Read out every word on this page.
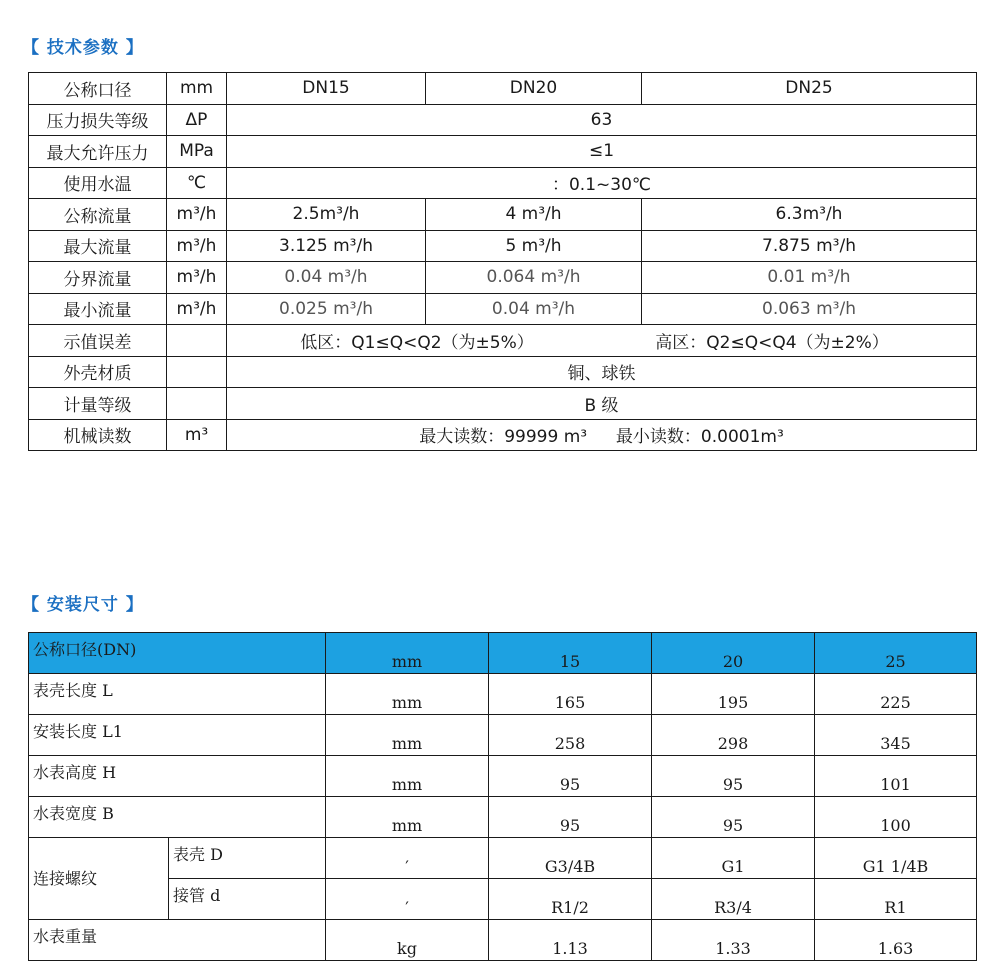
【 技术参数 】
公称口径	mm	DN15	DN20	DN25
压力损失等级	ΔP	63		
最大允许压力	MPa	≤1		
使用水温	℃	：0.1~30℃		
公称流量	m³/h	2.5m³/h	4 m³/h	6.3m³/h
最大流量	m³/h	3.125 m³/h	5 m³/h	7.875 m³/h
分界流量	m³/h	0.04 m³/h	0.064 m³/h	0.01 m³/h
最小流量	m³/h	0.025 m³/h	0.04 m³/h	0.063 m³/h
示值误差		低区：Q1≤Q<Q2（为±5%） 高区：Q2≤Q<Q4（为±2%）		
外壳材质		铜、球铁		
计量等级		B 级		
机械读数	m³	最大读数：99999 m³ 最小读数：0.0001m³		
【 安装尺寸 】
公称口径(DN)		mm	15	20	25
表壳长度 L		mm	165	195	225
安装长度 L1		mm	258	298	345
水表高度 H		mm	95	95	101
水表宽度 B		mm	95	95	100
连接螺纹	表壳 D	′	G3/4B	G1	G1 1/4B
	接管 d	′	R1/2	R3/4	R1
水表重量		kg	1.13	1.33	1.63
